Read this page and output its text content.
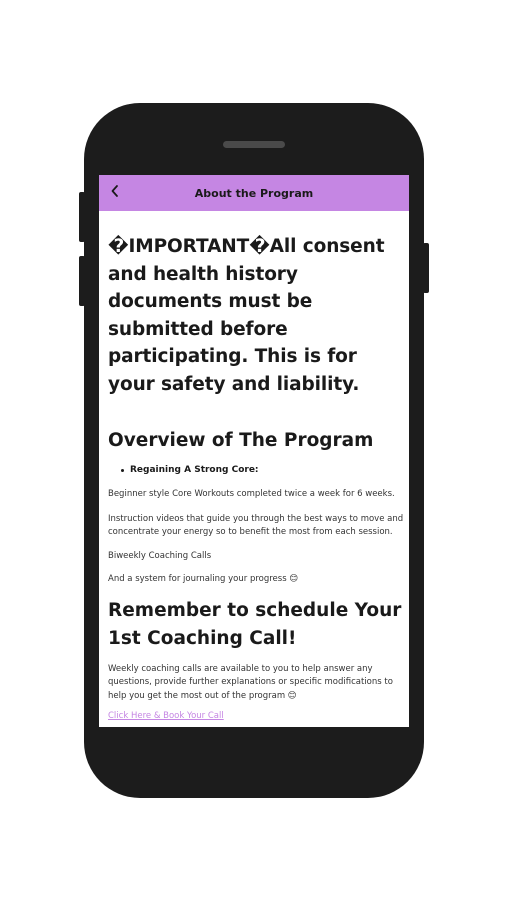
About the Program

�IMPORTANT�All consent and health history documents must be submitted before participating. This is for your safety and liability.

Overview of The Program

Regaining A Strong Core:

Beginner style Core Workouts completed twice a week for 6 weeks.

Instruction videos that guide you through the best ways to move and concentrate your energy so to benefit the most from each session.

Biweekly Coaching Calls

And a system for journaling your progress 😊

Remember to schedule Your 1st Coaching Call!

Weekly coaching calls are available to you to help answer any questions, provide further explanations or specific modifications to help you get the most out of the program 😊

Click Here & Book Your Call
